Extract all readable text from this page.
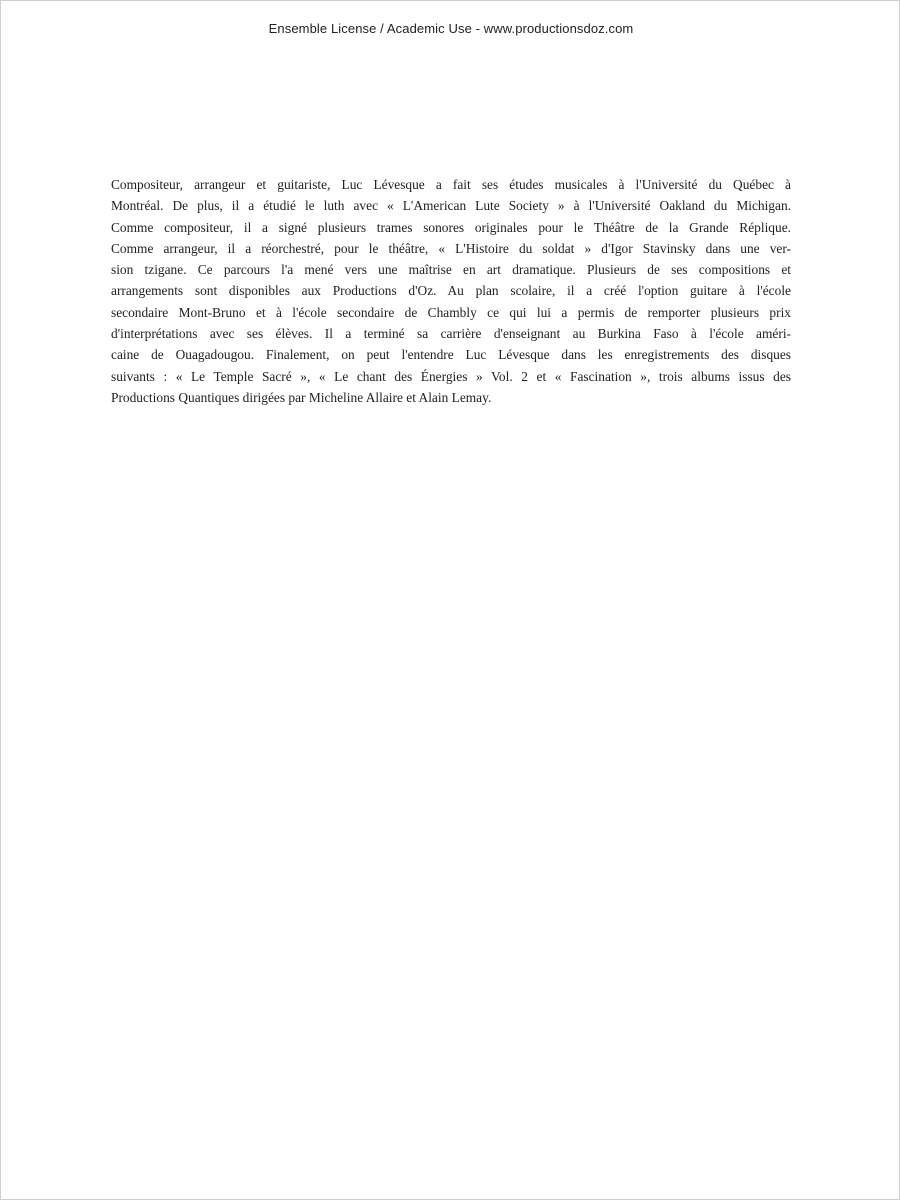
Ensemble License / Academic Use - www.productionsdoz.com
Compositeur, arrangeur et guitariste, Luc Lévesque a fait ses études musicales à l'Université du Québec à
Montréal. De plus, il a étudié le luth avec « L'American Lute Society » à l'Université Oakland du Michigan.
Comme compositeur, il a signé plusieurs trames sonores originales pour le Théâtre de la Grande Réplique.
Comme arrangeur, il a réorchestré, pour le théâtre, « L'Histoire du soldat » d'Igor Stavinsky dans une ver-
sion tzigane. Ce parcours l'a mené vers une maîtrise en art dramatique. Plusieurs de ses compositions et
arrangements sont disponibles aux Productions d'Oz. Au plan scolaire, il a créé l'option guitare à l'école
secondaire Mont-Bruno et à l'école secondaire de Chambly ce qui lui a permis de remporter plusieurs prix
d'interprétations avec ses élèves. Il a terminé sa carrière d'enseignant au Burkina Faso à l'école améri-
caine de Ouagadougou. Finalement, on peut l'entendre Luc Lévesque dans les enregistrements des disques
suivants : « Le Temple Sacré », « Le chant des Énergies » Vol. 2 et « Fascination », trois albums issus des
Productions Quantiques dirigées par Micheline Allaire et Alain Lemay.
